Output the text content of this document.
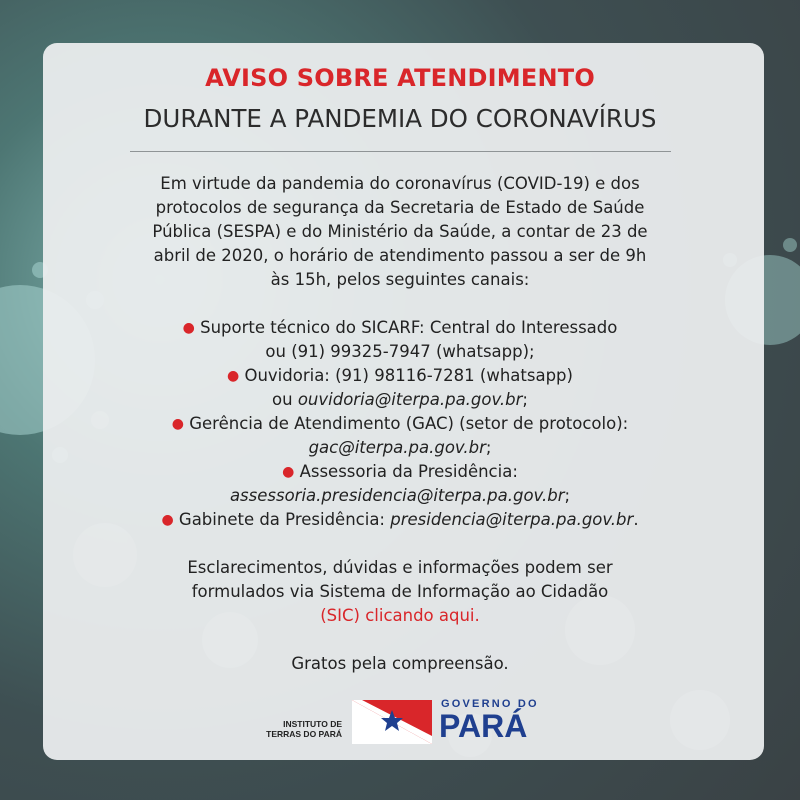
AVISO SOBRE ATENDIMENTO
DURANTE A PANDEMIA DO CORONAVÍRUS

Em virtude da pandemia do coronavírus (COVID-19) e dos
protocolos de segurança da Secretaria de Estado de Saúde
Pública (SESPA) e do Ministério da Saúde, a contar de 23 de
abril de 2020, o horário de atendimento passou a ser de 9h
às 15h, pelos seguintes canais:

● Suporte técnico do SICARF: Central do Interessado
ou (91) 99325-7947 (whatsapp);
● Ouvidoria: (91) 98116-7281 (whatsapp)
ou ouvidoria@iterpa.pa.gov.br;
● Gerência de Atendimento (GAC) (setor de protocolo):
gac@iterpa.pa.gov.br;
● Assessoria da Presidência:
assessoria.presidencia@iterpa.pa.gov.br;
● Gabinete da Presidência: presidencia@iterpa.pa.gov.br.

Esclarecimentos, dúvidas e informações podem ser
formulados via Sistema de Informação ao Cidadão
(SIC) clicando aqui.

Gratos pela compreensão.

INSTITUTO DE
TERRAS DO PARÁ
GOVERNO DO
PARÁ
